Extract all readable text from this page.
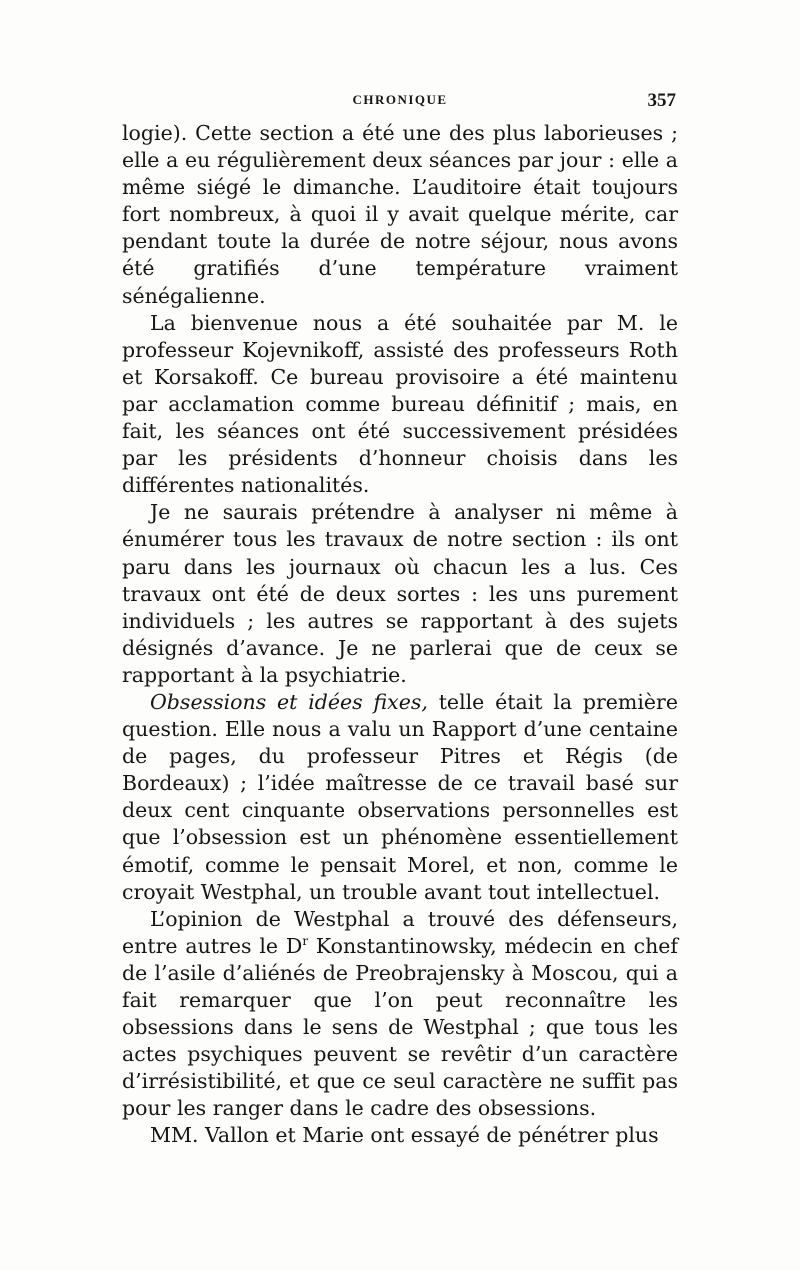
CHRONIQUE	357

logie). Cette section a été une des plus laborieuses ; elle a eu régulièrement deux séances par jour : elle a même siégé le dimanche. L’auditoire était toujours fort nombreux, à quoi il y avait quelque mérite, car pendant toute la durée de notre séjour, nous avons été gratifiés d’une température vraiment sénégalienne.

La bienvenue nous a été souhaitée par M. le professeur Kojevnikoff, assisté des professeurs Roth et Korsakoff. Ce bureau provisoire a été maintenu par acclamation comme bureau définitif ; mais, en fait, les séances ont été successivement présidées par les présidents d’honneur choisis dans les différentes nationalités.

Je ne saurais prétendre à analyser ni même à énumérer tous les travaux de notre section : ils ont paru dans les journaux où chacun les a lus. Ces travaux ont été de deux sortes : les uns purement individuels ; les autres se rapportant à des sujets désignés d’avance. Je ne parlerai que de ceux se rapportant à la psychiatrie.

Obsessions et idées fixes, telle était la première question. Elle nous a valu un Rapport d’une centaine de pages, du professeur Pitres et Régis (de Bordeaux) ; l’idée maîtresse de ce travail basé sur deux cent cinquante observations personnelles est que l’obsession est un phénomène essentiellement émotif, comme le pensait Morel, et non, comme le croyait Westphal, un trouble avant tout intellectuel.

L’opinion de Westphal a trouvé des défenseurs, entre autres le $D^r$ Konstantinowsky, médecin en chef de l’asile d’aliénés de Preobrajensky à Moscou, qui a fait remarquer que l’on peut reconnaître les obsessions dans le sens de Westphal ; que tous les actes psychiques peuvent se revêtir d’un caractère d’irrésistibilité, et que ce seul caractère ne suffit pas pour les ranger dans le cadre des obsessions.

MM. Vallon et Marie ont essayé de pénétrer plus
